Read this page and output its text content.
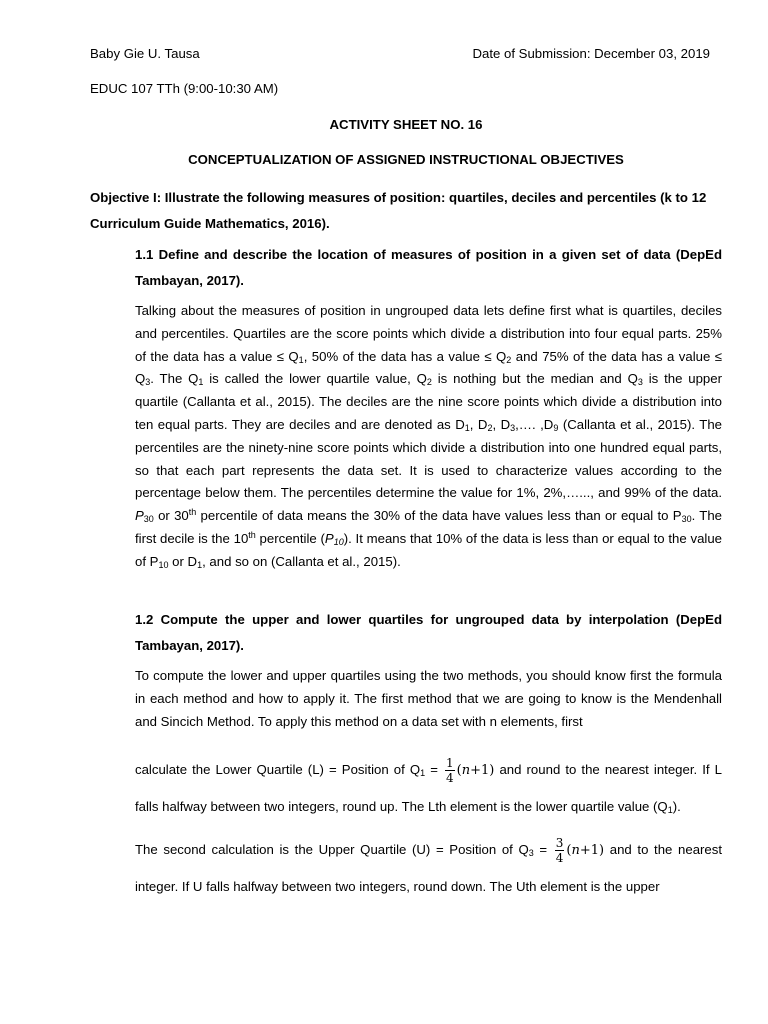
Baby Gie U. Tausa	Date of Submission: December 03, 2019
EDUC 107 TTh (9:00-10:30 AM)
ACTIVITY SHEET NO. 16
CONCEPTUALIZATION OF ASSIGNED INSTRUCTIONAL OBJECTIVES
Objective I: Illustrate the following measures of position: quartiles, deciles and percentiles (k to 12 Curriculum Guide Mathematics, 2016).
1.1 Define and describe the location of measures of position in a given set of data (DepEd Tambayan, 2017).
Talking about the measures of position in ungrouped data lets define first what is quartiles, deciles and percentiles. Quartiles are the score points which divide a distribution into four equal parts. 25% of the data has a value ≤ $Q_1$, 50% of the data has a value ≤ $Q_2$ and 75% of the data has a value ≤ $Q_3$. The $Q_1$ is called the lower quartile value, $Q_2$ is nothing but the median and $Q_3$ is the upper quartile (Callanta et al., 2015). The deciles are the nine score points which divide a distribution into ten equal parts. They are deciles and are denoted as $D_1$, $D_2$, $D_3,\dots$. $,D_9$ (Callanta et al., 2015). The percentiles are the ninety-nine score points which divide a distribution into one hundred equal parts, so that each part represents the data set. It is used to characterize values according to the percentage below them. The percentiles determine the value for 1%, 2%,…..., and 99% of the data. $P_{30}$ or 30th percentile of data means the 30% of the data have values less than or equal to $P_{30}$. The first decile is the 10th percentile $(P_{10})$. It means that 10% of the data is less than or equal to the value of $P_{10}$ or $D_1$, and so on (Callanta et al., 2015).
1.2 Compute the upper and lower quartiles for ungrouped data by interpolation (DepEd Tambayan, 2017).
To compute the lower and upper quartiles using the two methods, you should know first the formula in each method and how to apply it. The first method that we are going to know is the Mendenhall and Sincich Method. To apply this method on a data set with n elements, first
calculate the Lower Quartile (L) = Position of $Q_1 = \frac{1}{4} (n+1)$ and round to the nearest integer. If L falls halfway between two integers, round up. The Lth element is the lower quartile value $(Q_1)$.
The second calculation is the Upper Quartile (U) = Position of $Q_3 = \frac{3}{4} (n+1)$ and to the nearest integer. If U falls halfway between two integers, round down. The Uth element is the upper
